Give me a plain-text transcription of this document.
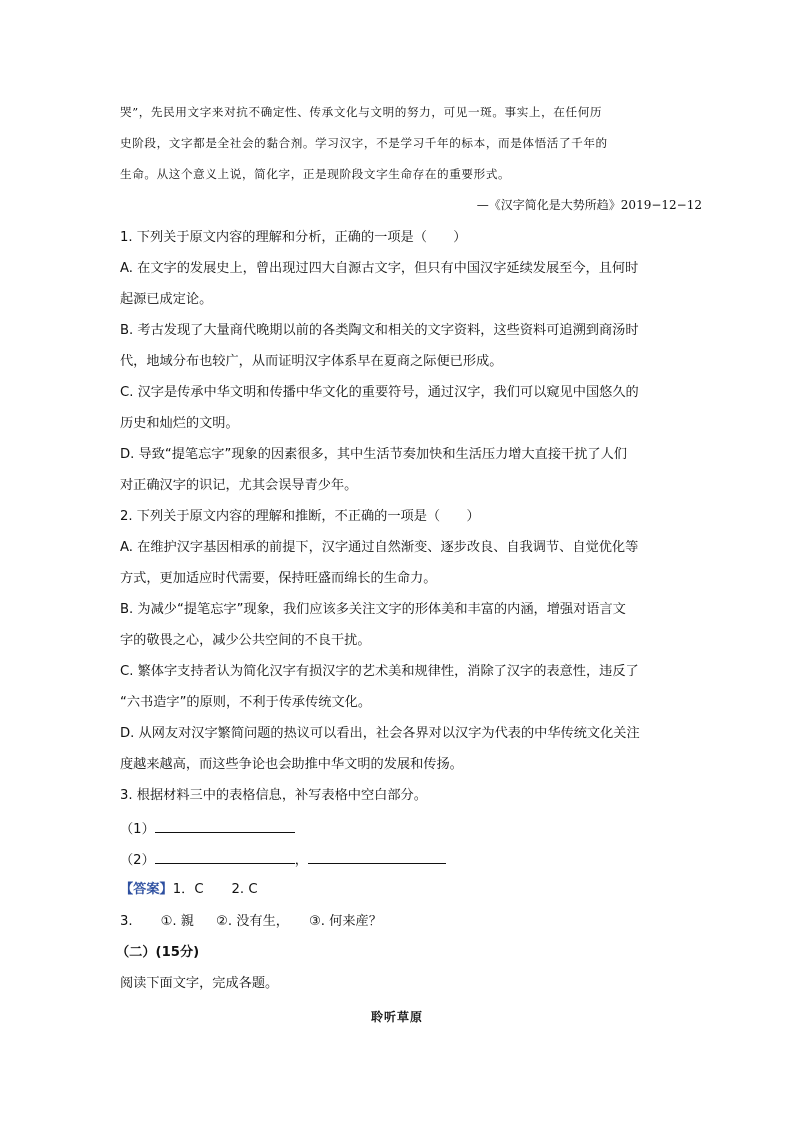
哭”，先民用文字来对抗不确定性、传承文化与文明的努力，可见一斑。事实上，在任何历
史阶段，文字都是全社会的黏合剂。学习汉字，不是学习千年的标本，而是体悟活了千年的
生命。从这个意义上说，简化字，正是现阶段文字生命存在的重要形式。
—《汉字简化是大势所趋》2019−12−12
1. 下列关于原文内容的理解和分析，正确的一项是（　　）
A. 在文字的发展史上，曾出现过四大自源古文字，但只有中国汉字延续发展至今，且何时
起源已成定论。
B. 考古发现了大量商代晚期以前的各类陶文和相关的文字资料，这些资料可追溯到商汤时
代，地域分布也较广，从而证明汉字体系早在夏商之际便已形成。
C. 汉字是传承中华文明和传播中华文化的重要符号，通过汉字，我们可以窥见中国悠久的
历史和灿烂的文明。
D. 导致“提笔忘字”现象的因素很多，其中生活节奏加快和生活压力增大直接干扰了人们
对正确汉字的识记，尤其会误导青少年。
2. 下列关于原文内容的理解和推断，不正确的一项是（　　）
A. 在维护汉字基因相承的前提下，汉字通过自然渐变、逐步改良、自我调节、自觉优化等
方式，更加适应时代需要，保持旺盛而绵长的生命力。
B. 为减少“提笔忘字”现象，我们应该多关注文字的形体美和丰富的内涵，增强对语言文
字的敬畏之心，减少公共空间的不良干扰。
C. 繁体字支持者认为简化汉字有损汉字的艺术美和规律性，消除了汉字的表意性，违反了
“六书造字”的原则，不利于传承传统文化。
D. 从网友对汉字繁简问题的热议可以看出，社会各界对以汉字为代表的中华传统文化关注
度越来越高，而这些争论也会助推中华文明的发展和传扬。
3. 根据材料三中的表格信息，补写表格中空白部分。
（1）
（2）	，
【答案】1．C 2. C
3. ①. 親 ②. 没有生， ③. 何来産？
（二）(15分)
阅读下面文字，完成各题。
聆听草原
